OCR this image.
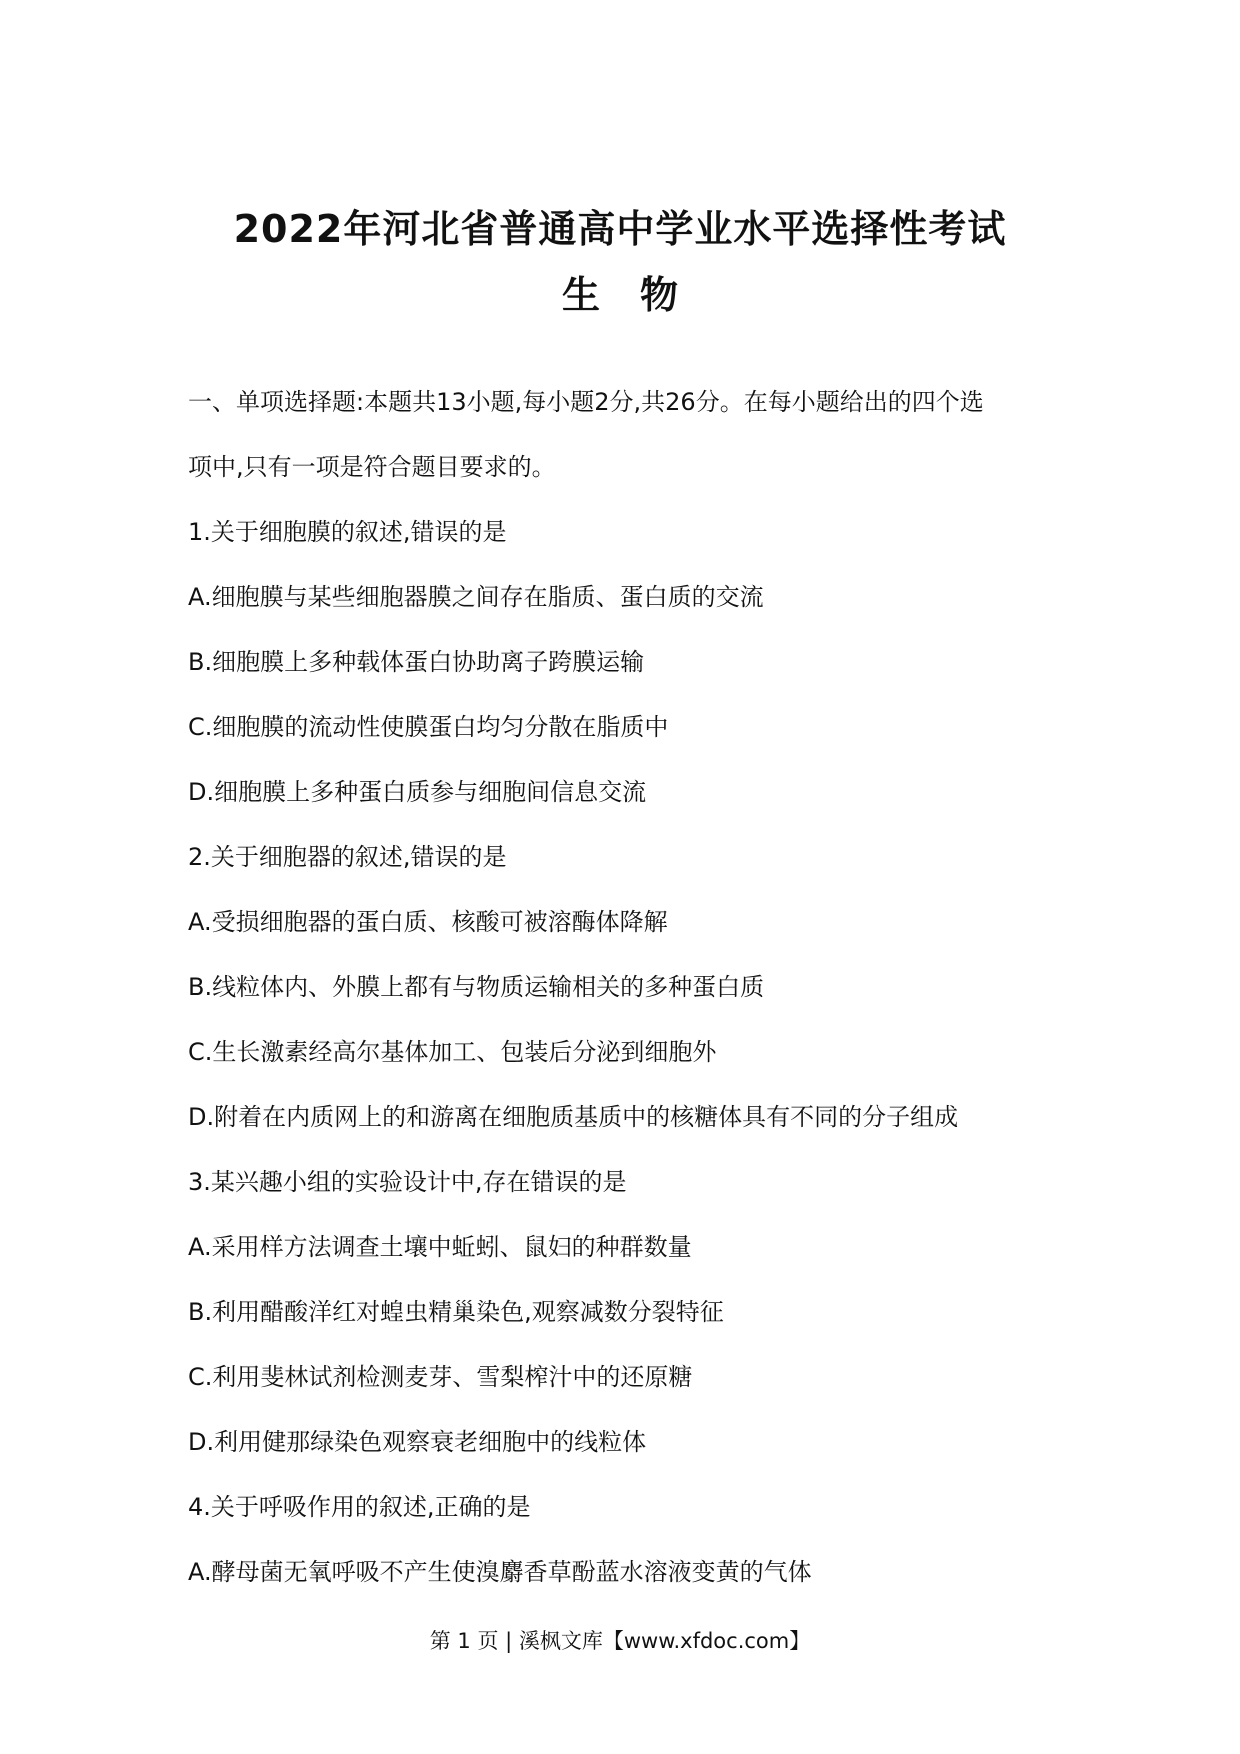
2022年河北省普通高中学业水平选择性考试
生 物
一、单项选择题:本题共13小题,每小题2分,共26分。在每小题给出的四个选
项中,只有一项是符合题目要求的。
1.关于细胞膜的叙述,错误的是
A.细胞膜与某些细胞器膜之间存在脂质、蛋白质的交流
B.细胞膜上多种载体蛋白协助离子跨膜运输
C.细胞膜的流动性使膜蛋白均匀分散在脂质中
D.细胞膜上多种蛋白质参与细胞间信息交流
2.关于细胞器的叙述,错误的是
A.受损细胞器的蛋白质、核酸可被溶酶体降解
B.线粒体内、外膜上都有与物质运输相关的多种蛋白质
C.生长激素经高尔基体加工、包装后分泌到细胞外
D.附着在内质网上的和游离在细胞质基质中的核糖体具有不同的分子组成
3.某兴趣小组的实验设计中,存在错误的是
A.采用样方法调查土壤中蚯蚓、鼠妇的种群数量
B.利用醋酸洋红对蝗虫精巢染色,观察减数分裂特征
C.利用斐林试剂检测麦芽、雪梨榨汁中的还原糖
D.利用健那绿染色观察衰老细胞中的线粒体
4.关于呼吸作用的叙述,正确的是
A.酵母菌无氧呼吸不产生使溴麝香草酚蓝水溶液变黄的气体
第 1 页 | 溪枫文库【www.xfdoc.com】
